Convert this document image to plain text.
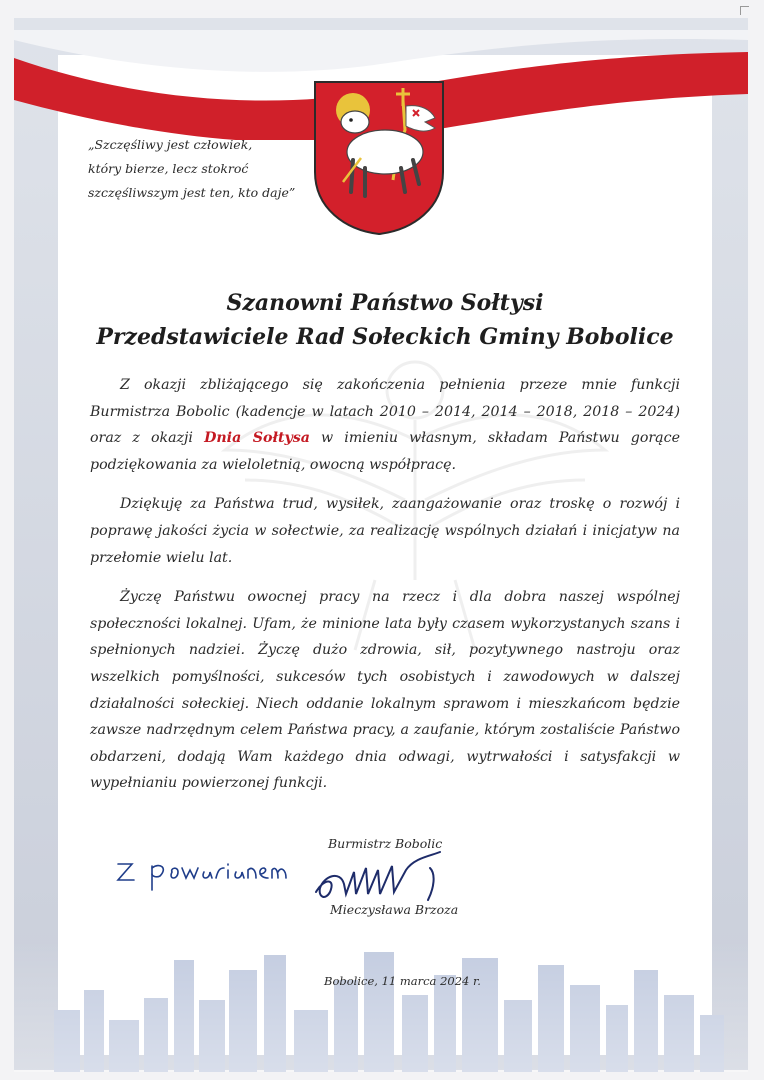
„Szczęśliwy jest człowiek,
który bierze, lecz stokroć
szczęśliwszym jest ten, kto daje”
Szanowni Państwo Sołtysi
Przedstawiciele Rad Sołeckich Gminy Bobolice

Z okazji zbliżającego się zakończenia pełnienia przeze mnie funkcji Burmistrza Bobolic (kadencje w latach 2010 – 2014, 2014 – 2018, 2018 – 2024) oraz z okazji Dnia Sołtysa w imieniu własnym, składam Państwu gorące podziękowania za wieloletnią, owocną współpracę.

Dziękuję za Państwa trud, wysiłek, zaangażowanie oraz troskę o rozwój i poprawę jakości życia w sołectwie, za realizację wspólnych działań i inicjatyw na przełomie wielu lat.

Życzę Państwu owocnej pracy na rzecz i dla dobra naszej wspólnej społeczności lokalnej. Ufam, że minione lata były czasem wykorzystanych szans i spełnionych nadziei. Życzę dużo zdrowia, sił, pozytywnego nastroju oraz wszelkich pomyślności, sukcesów tych osobistych i zawodowych w dalszej działalności sołeckiej. Niech oddanie lokalnym sprawom i mieszkańcom będzie zawsze nadrzędnym celem Państwa pracy, a zaufanie, którym zostaliście Państwo obdarzeni, dodają Wam każdego dnia odwagi, wytrwałości i satysfakcji w wypełnianiu powierzonej funkcji.

Burmistrz Bobolic
Mieczysława Brzoza
Bobolice, 11 marca 2024 r.
